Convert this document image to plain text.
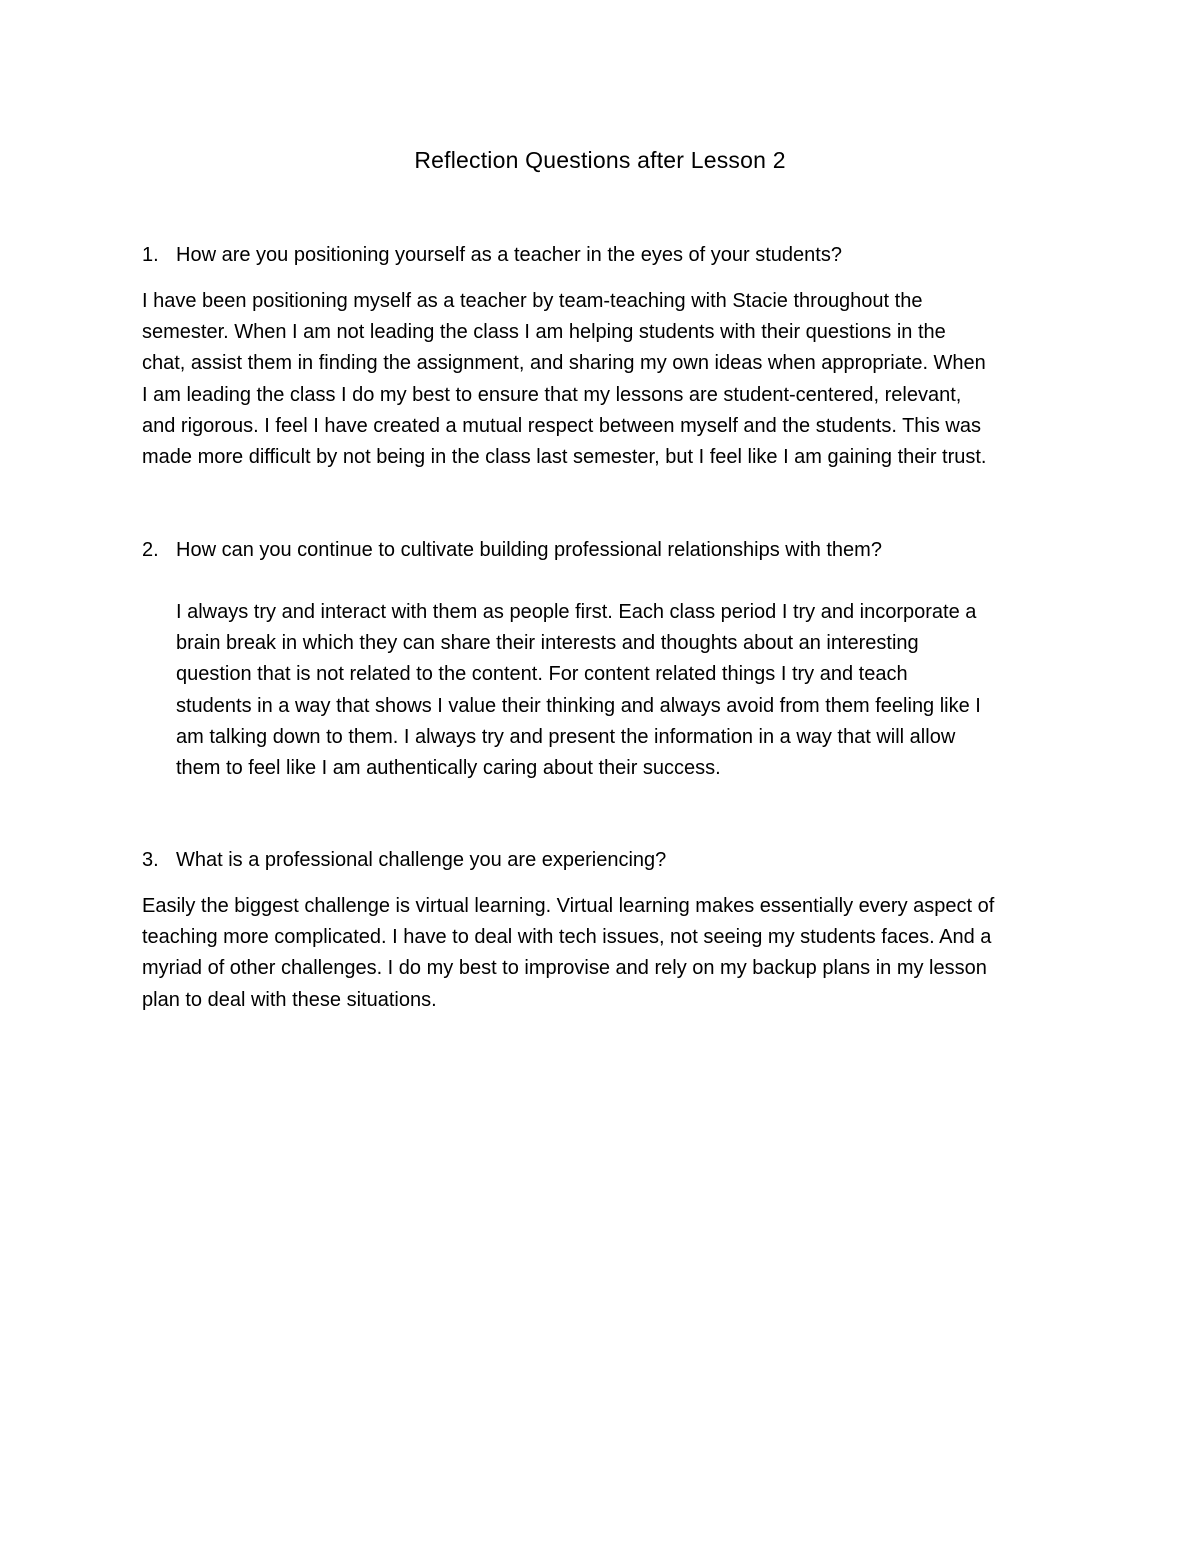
Reflection Questions after Lesson 2
1. How are you positioning yourself as a teacher in the eyes of your students?
I have been positioning myself as a teacher by team-teaching with Stacie throughout the
semester. When I am not leading the class I am helping students with their questions in the
chat, assist them in finding the assignment, and sharing my own ideas when appropriate. When
I am leading the class I do my best to ensure that my lessons are student-centered, relevant,
and rigorous. I feel I have created a mutual respect between myself and the students. This was
made more difficult by not being in the class last semester, but I feel like I am gaining their trust.
2. How can you continue to cultivate building professional relationships with them?
I always try and interact with them as people first. Each class period I try and incorporate a
brain break in which they can share their interests and thoughts about an interesting
question that is not related to the content. For content related things I try and teach
students in a way that shows I value their thinking and always avoid from them feeling like I
am talking down to them. I always try and present the information in a way that will allow
them to feel like I am authentically caring about their success.
3. What is a professional challenge you are experiencing?
Easily the biggest challenge is virtual learning. Virtual learning makes essentially every aspect of
teaching more complicated. I have to deal with tech issues, not seeing my students faces. And a
myriad of other challenges. I do my best to improvise and rely on my backup plans in my lesson
plan to deal with these situations.
